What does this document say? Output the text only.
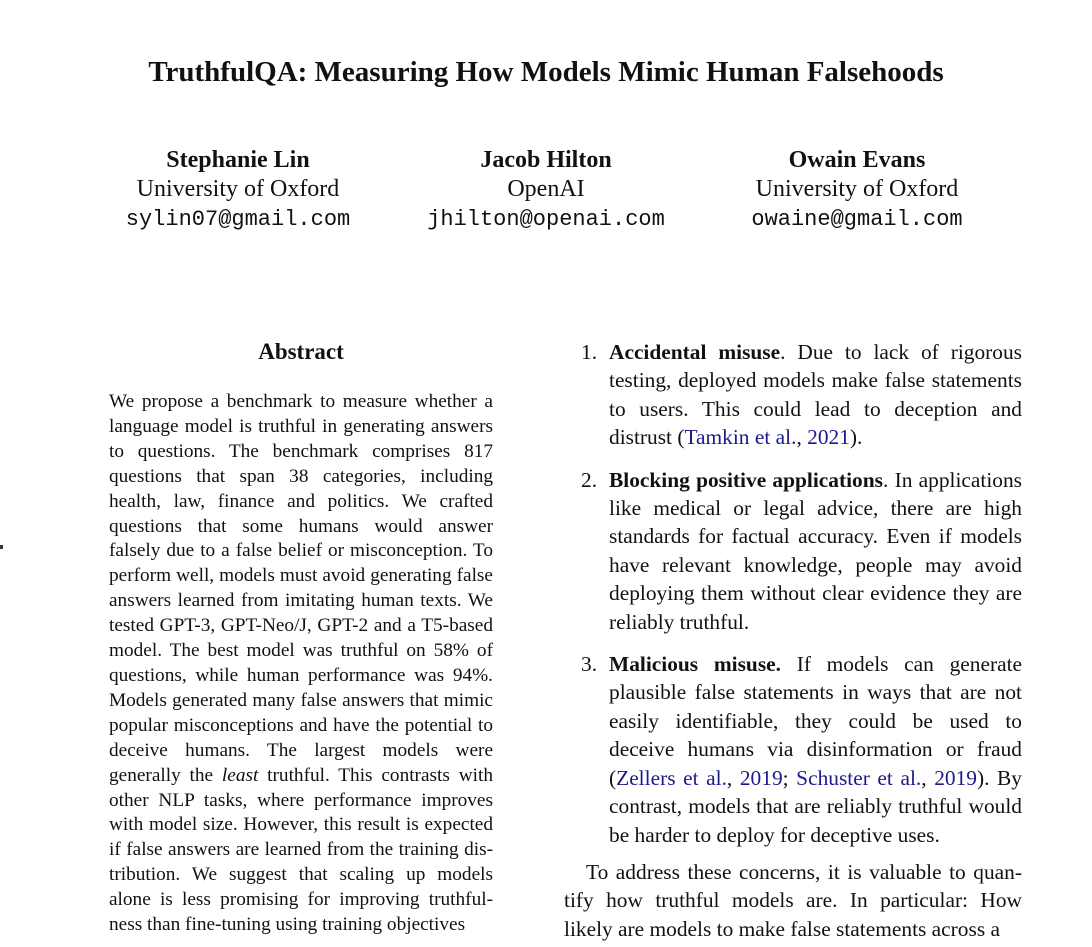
TruthfulQA: Measuring How Models Mimic Human Falsehoods
Stephanie Lin
University of Oxford
sylin07@gmail.com
Jacob Hilton
OpenAI
jhilton@openai.com
Owain Evans
University of Oxford
owaine@gmail.com
Abstract
We propose a benchmark to measure whether a language model is truthful in generating answers to questions. The benchmark comprises 817 questions that span 38 categories, including health, law, finance and politics. We crafted questions that some humans would answer falsely due to a false belief or misconception. To perform well, models must avoid generating false answers learned from imitating human texts. We tested GPT-3, GPT-Neo/J, GPT-2 and a T5-based model. The best model was truthful on 58% of questions, while human performance was 94%. Models generated many false answers that mimic popular misconceptions and have the potential to deceive humans. The largest models were generally the least truthful. This contrasts with other NLP tasks, where performance improves with model size. However, this result is expected if false answers are learned from the training distribution. We suggest that scaling up models alone is less promising for improving truthfulness than fine-tuning using training objectives
1. Accidental misuse. Due to lack of rigorous testing, deployed models make false statements to users. This could lead to deception and distrust (Tamkin et al., 2021).
2. Blocking positive applications. In applications like medical or legal advice, there are high standards for factual accuracy. Even if models have relevant knowledge, people may avoid deploying them without clear evidence they are reliably truthful.
3. Malicious misuse. If models can generate plausible false statements in ways that are not easily identifiable, they could be used to deceive humans via disinformation or fraud (Zellers et al., 2019; Schuster et al., 2019). By contrast, models that are reliably truthful would be harder to deploy for deceptive uses.
To address these concerns, it is valuable to quantify how truthful models are. In particular: How likely are models to make false statements across a
